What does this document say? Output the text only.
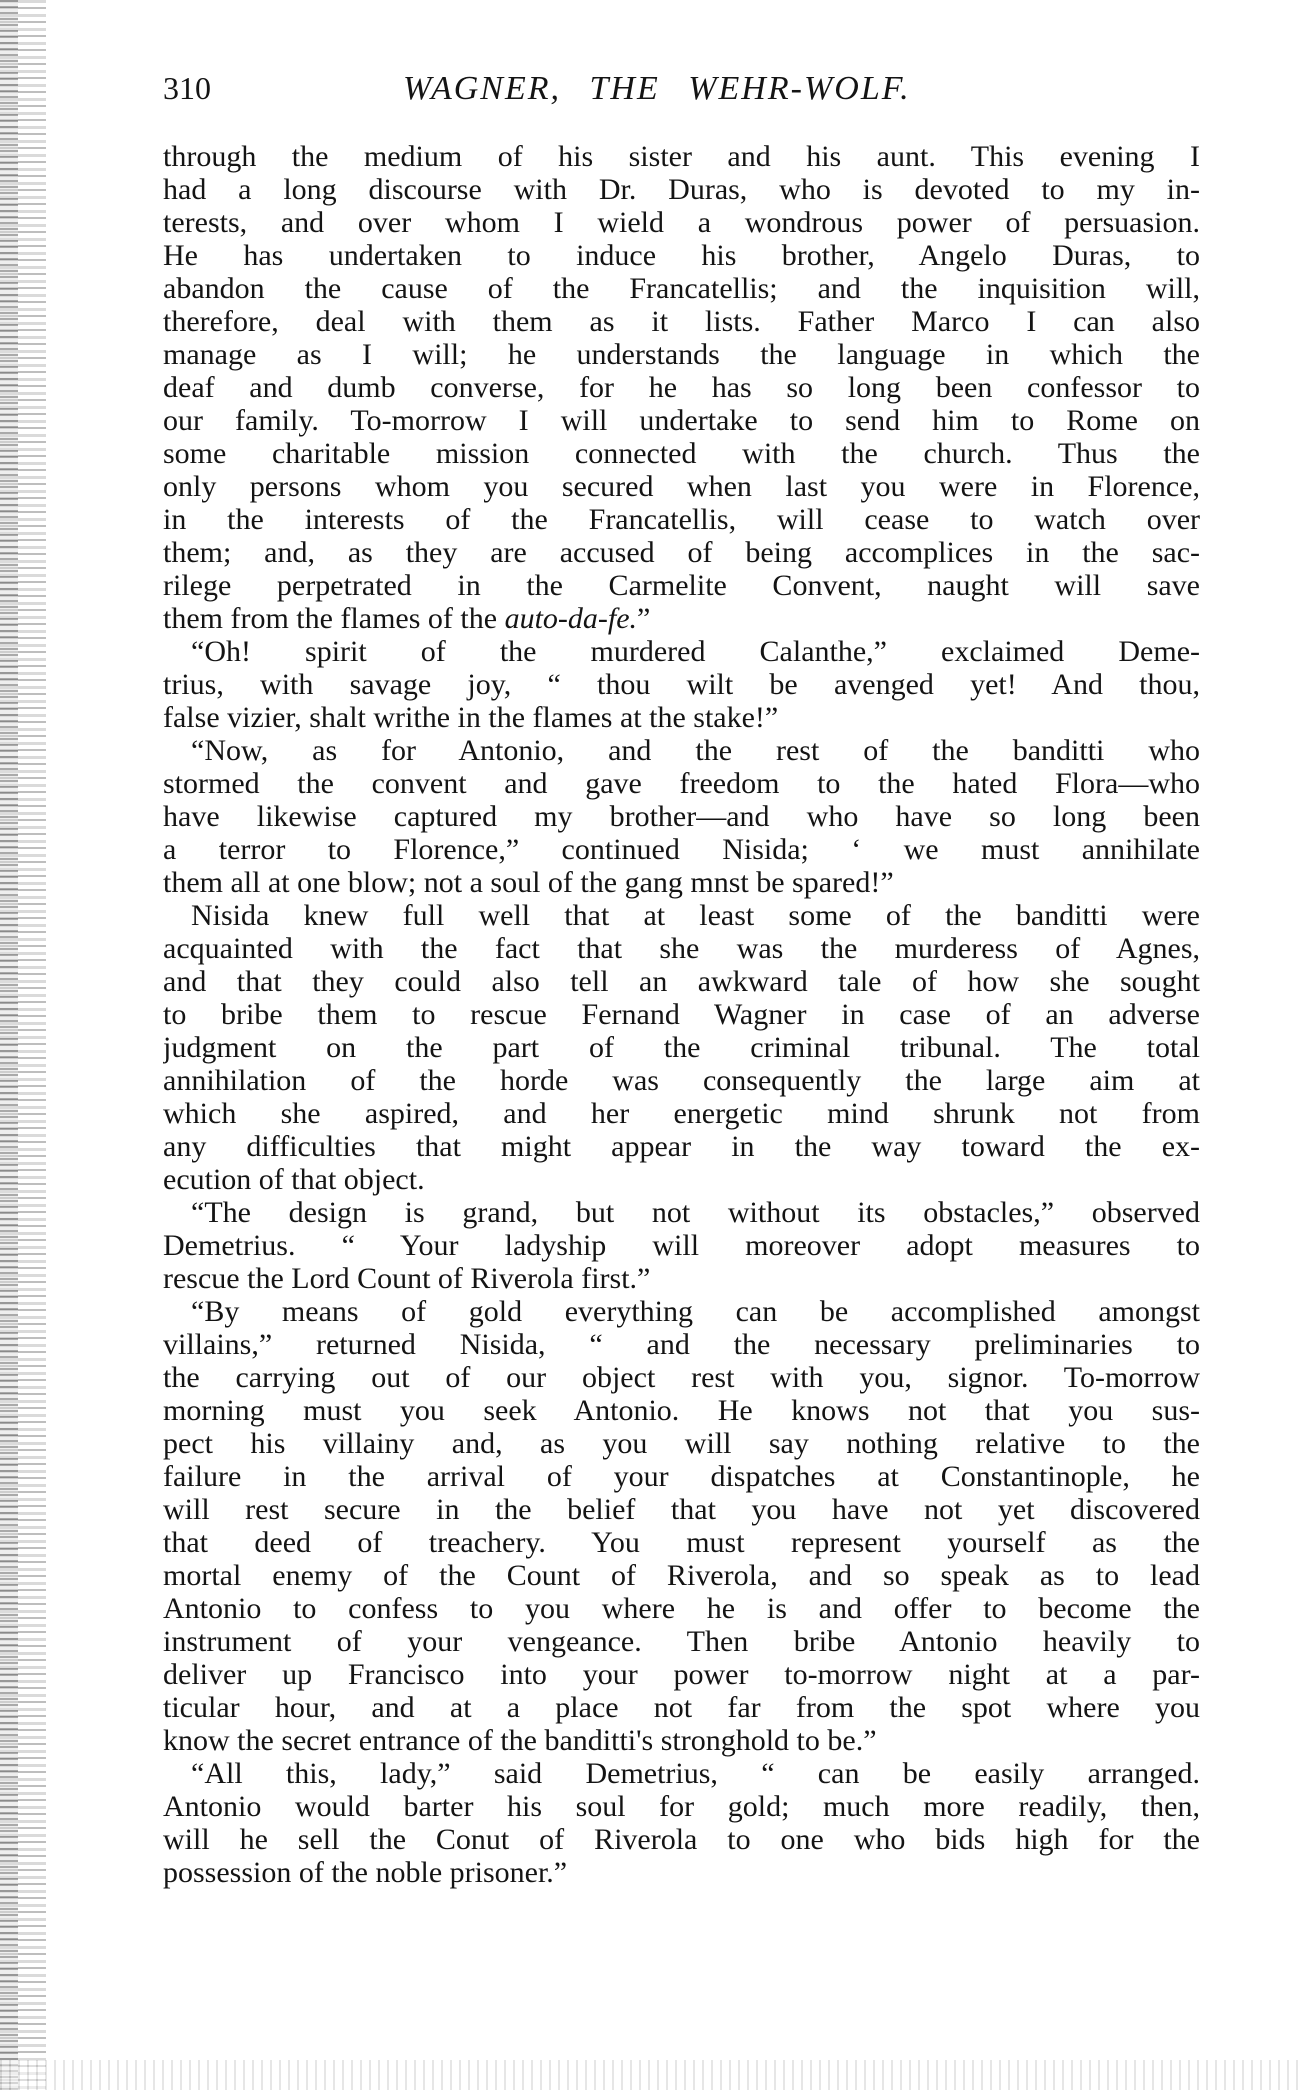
310	WAGNER, THE WEHR-WOLF.
through the medium of his sister and his aunt. This evening I
had a long discourse with Dr. Duras, who is devoted to my in-
terests, and over whom I wield a wondrous power of persuasion.
He has undertaken to induce his brother, Angelo Duras, to
abandon the cause of the Francatellis; and the inquisition will,
therefore, deal with them as it lists. Father Marco I can also
manage as I will; he understands the language in which the
deaf and dumb converse, for he has so long been confessor to
our family. To-morrow I will undertake to send him to Rome on
some charitable mission connected with the church. Thus the
only persons whom you secured when last you were in Florence,
in the interests of the Francatellis, will cease to watch over
them; and, as they are accused of being accomplices in the sac-
rilege perpetrated in the Carmelite Convent, naught will save
them from the flames of the auto-da-fe.”
“Oh! spirit of the murdered Calanthe,” exclaimed Deme-
trius, with savage joy, “ thou wilt be avenged yet! And thou,
false vizier, shalt writhe in the flames at the stake!”
“Now, as for Antonio, and the rest of the banditti who
stormed the convent and gave freedom to the hated Flora—who
have likewise captured my brother—and who have so long been
a terror to Florence,” continued Nisida; ‘ we must annihilate
them all at one blow; not a soul of the gang mnst be spared!”
Nisida knew full well that at least some of the banditti were
acquainted with the fact that she was the murderess of Agnes,
and that they could also tell an awkward tale of how she sought
to bribe them to rescue Fernand Wagner in case of an adverse
judgment on the part of the criminal tribunal. The total
annihilation of the horde was consequently the large aim at
which she aspired, and her energetic mind shrunk not from
any difficulties that might appear in the way toward the ex-
ecution of that object.
“The design is grand, but not without its obstacles,” observed
Demetrius. “ Your ladyship will moreover adopt measures to
rescue the Lord Count of Riverola first.”
“By means of gold everything can be accomplished amongst
villains,” returned Nisida, “ and the necessary preliminaries to
the carrying out of our object rest with you, signor. To-morrow
morning must you seek Antonio. He knows not that you sus-
pect his villainy and, as you will say nothing relative to the
failure in the arrival of your dispatches at Constantinople, he
will rest secure in the belief that you have not yet discovered
that deed of treachery. You must represent yourself as the
mortal enemy of the Count of Riverola, and so speak as to lead
Antonio to confess to you where he is and offer to become the
instrument of your vengeance. Then bribe Antonio heavily to
deliver up Francisco into your power to-morrow night at a par-
ticular hour, and at a place not far from the spot where you
know the secret entrance of the banditti's stronghold to be.”
“All this, lady,” said Demetrius, “ can be easily arranged.
Antonio would barter his soul for gold; much more readily, then,
will he sell the Conut of Riverola to one who bids high for the
possession of the noble prisoner.”
